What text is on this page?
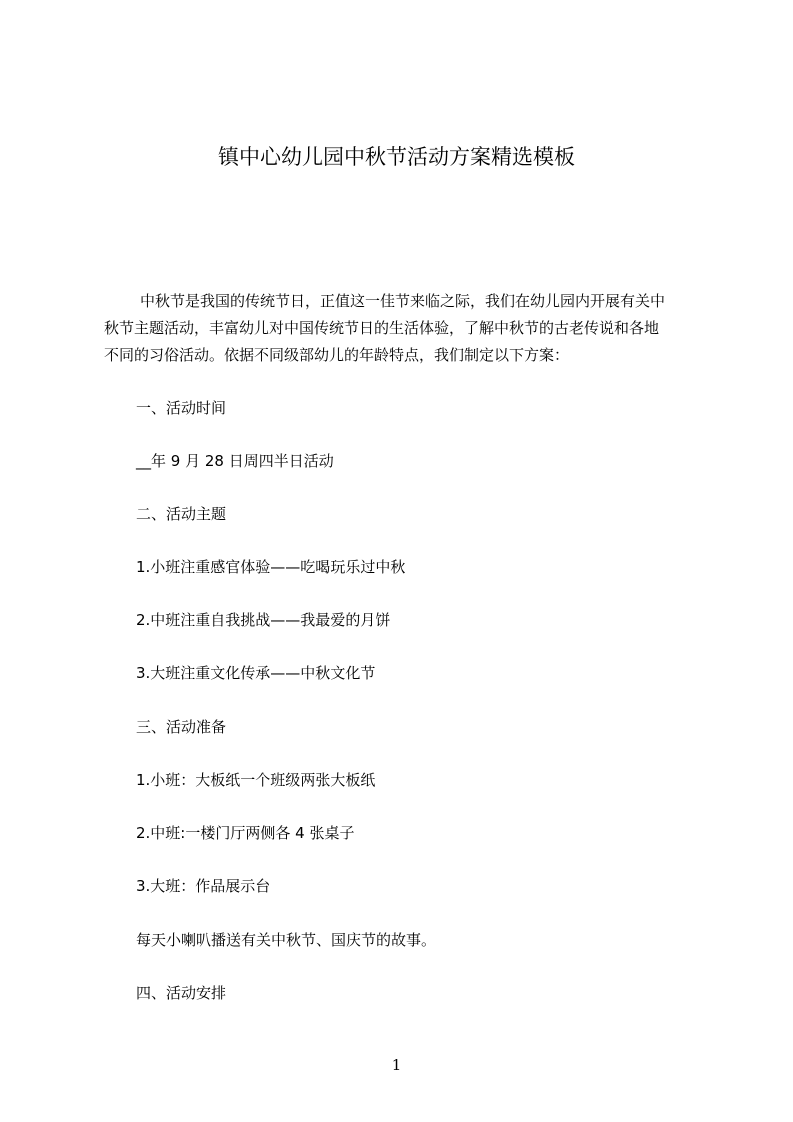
镇中心幼儿园中秋节活动方案精选模板

中秋节是我国的传统节日，正值这一佳节来临之际，我们在幼儿园内开展有关中
秋节主题活动，丰富幼儿对中国传统节日的生活体验，了解中秋节的古老传说和各地
不同的习俗活动。依据不同级部幼儿的年龄特点，我们制定以下方案：

一、活动时间

__年 9 月 28 日周四半日活动

二、活动主题

1.小班注重感官体验——吃喝玩乐过中秋

2.中班注重自我挑战——我最爱的月饼

3.大班注重文化传承——中秋文化节

三、活动准备

1.小班：大板纸一个班级两张大板纸

2.中班:一楼门厅两侧各 4 张桌子

3.大班：作品展示台

每天小喇叭播送有关中秋节、国庆节的故事。

四、活动安排

1
